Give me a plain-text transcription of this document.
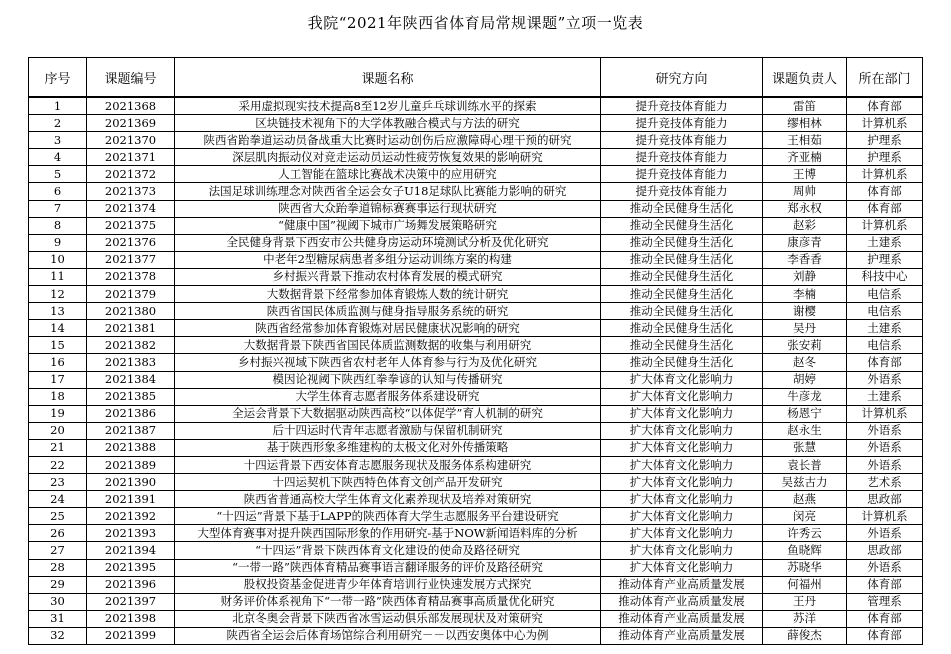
我院“2021年陕西省体育局常规课题”立项一览表
序号	课题编号	课题名称	研究方向	课题负责人	所在部门
1	2021368	采用虚拟现实技术提高8至12岁儿童乒乓球训练水平的探索	提升竞技体育能力	雷笛	体育部
2	2021369	区块链技术视角下的大学体教融合模式与方法的研究	提升竞技体育能力	缪相林	计算机系
3	2021370	陕西省跆拳道运动员备战重大比赛时运动创伤后应激障碍心理干预的研究	提升竞技体育能力	王相茹	护理系
4	2021371	深层肌肉振动仪对竞走运动员运动性疲劳恢复效果的影响研究	提升竞技体育能力	齐亚楠	护理系
5	2021372	人工智能在篮球比赛战术决策中的应用研究	提升竞技体育能力	王博	计算机系
6	2021373	法国足球训练理念对陕西省全运会女子U18足球队比赛能力影响的研究	提升竞技体育能力	周帅	体育部
7	2021374	陕西省大众跆拳道锦标赛赛事运行现状研究	推动全民健身生活化	郑永权	体育部
8	2021375	“健康中国”视阈下城市广场舞发展策略研究	推动全民健身生活化	赵彩	计算机系
9	2021376	全民健身背景下西安市公共健身房运动环境测试分析及优化研究	推动全民健身生活化	康彦青	土建系
10	2021377	中老年2型糖尿病患者多组分运动训练方案的构建	推动全民健身生活化	李香香	护理系
11	2021378	乡村振兴背景下推动农村体育发展的模式研究	推动全民健身生活化	刘静	科技中心
12	2021379	大数据背景下经常参加体育锻炼人数的统计研究	推动全民健身生活化	李楠	电信系
13	2021380	陕西省国民体质监测与健身指导服务系统的研究	推动全民健身生活化	谢樱	电信系
14	2021381	陕西省经常参加体育锻炼对居民健康状况影响的研究	推动全民健身生活化	吴丹	土建系
15	2021382	大数据背景下陕西省国民体质监测数据的收集与利用研究	推动全民健身生活化	张安莉	电信系
16	2021383	乡村振兴视域下陕西省农村老年人体育参与行为及优化研究	推动全民健身生活化	赵冬	体育部
17	2021384	模因论视阈下陕西红拳拳谚的认知与传播研究	扩大体育文化影响力	胡婷	外语系
18	2021385	大学生体育志愿者服务体系建设研究	扩大体育文化影响力	牛彦龙	土建系
19	2021386	全运会背景下大数据驱动陕西高校“以体促学”育人机制的研究	扩大体育文化影响力	杨恩宁	计算机系
20	2021387	后十四运时代青年志愿者激励与保留机制研究	扩大体育文化影响力	赵永生	外语系
21	2021388	基于陕西形象多维建构的太极文化对外传播策略	扩大体育文化影响力	张慧	外语系
22	2021389	十四运背景下西安体育志愿服务现状及服务体系构建研究	扩大体育文化影响力	袁长普	外语系
23	2021390	十四运契机下陕西特色体育文创产品开发研究	扩大体育文化影响力	吴兹古力	艺术系
24	2021391	陕西省普通高校大学生体育文化素养现状及培养对策研究	扩大体育文化影响力	赵燕	思政部
25	2021392	“十四运”背景下基于LAPP的陕西体育大学生志愿服务平台建设研究	扩大体育文化影响力	闵亮	计算机系
26	2021393	大型体育赛事对提升陕西国际形象的作用研究-基于NOW新闻语料库的分析	扩大体育文化影响力	许秀云	外语系
27	2021394	“十四运”背景下陕西体育文化建设的使命及路径研究	扩大体育文化影响力	鱼晓辉	思政部
28	2021395	“一带一路”陕西体育精品赛事语言翻译服务的评价及路径研究	扩大体育文化影响力	苏晓华	外语系
29	2021396	股权投资基金促进青少年体育培训行业快速发展方式探究	推动体育产业高质量发展	何福州	体育部
30	2021397	财务评价体系视角下“一带一路”陕西体育精品赛事高质量优化研究	推动体育产业高质量发展	王丹	管理系
31	2021398	北京冬奥会背景下陕西省冰雪运动俱乐部发展现状及对策研究	推动体育产业高质量发展	苏洋	体育部
32	2021399	陕西省全运会后体育场馆综合利用研究－－以西安奥体中心为例	推动体育产业高质量发展	薛俊杰	体育部
